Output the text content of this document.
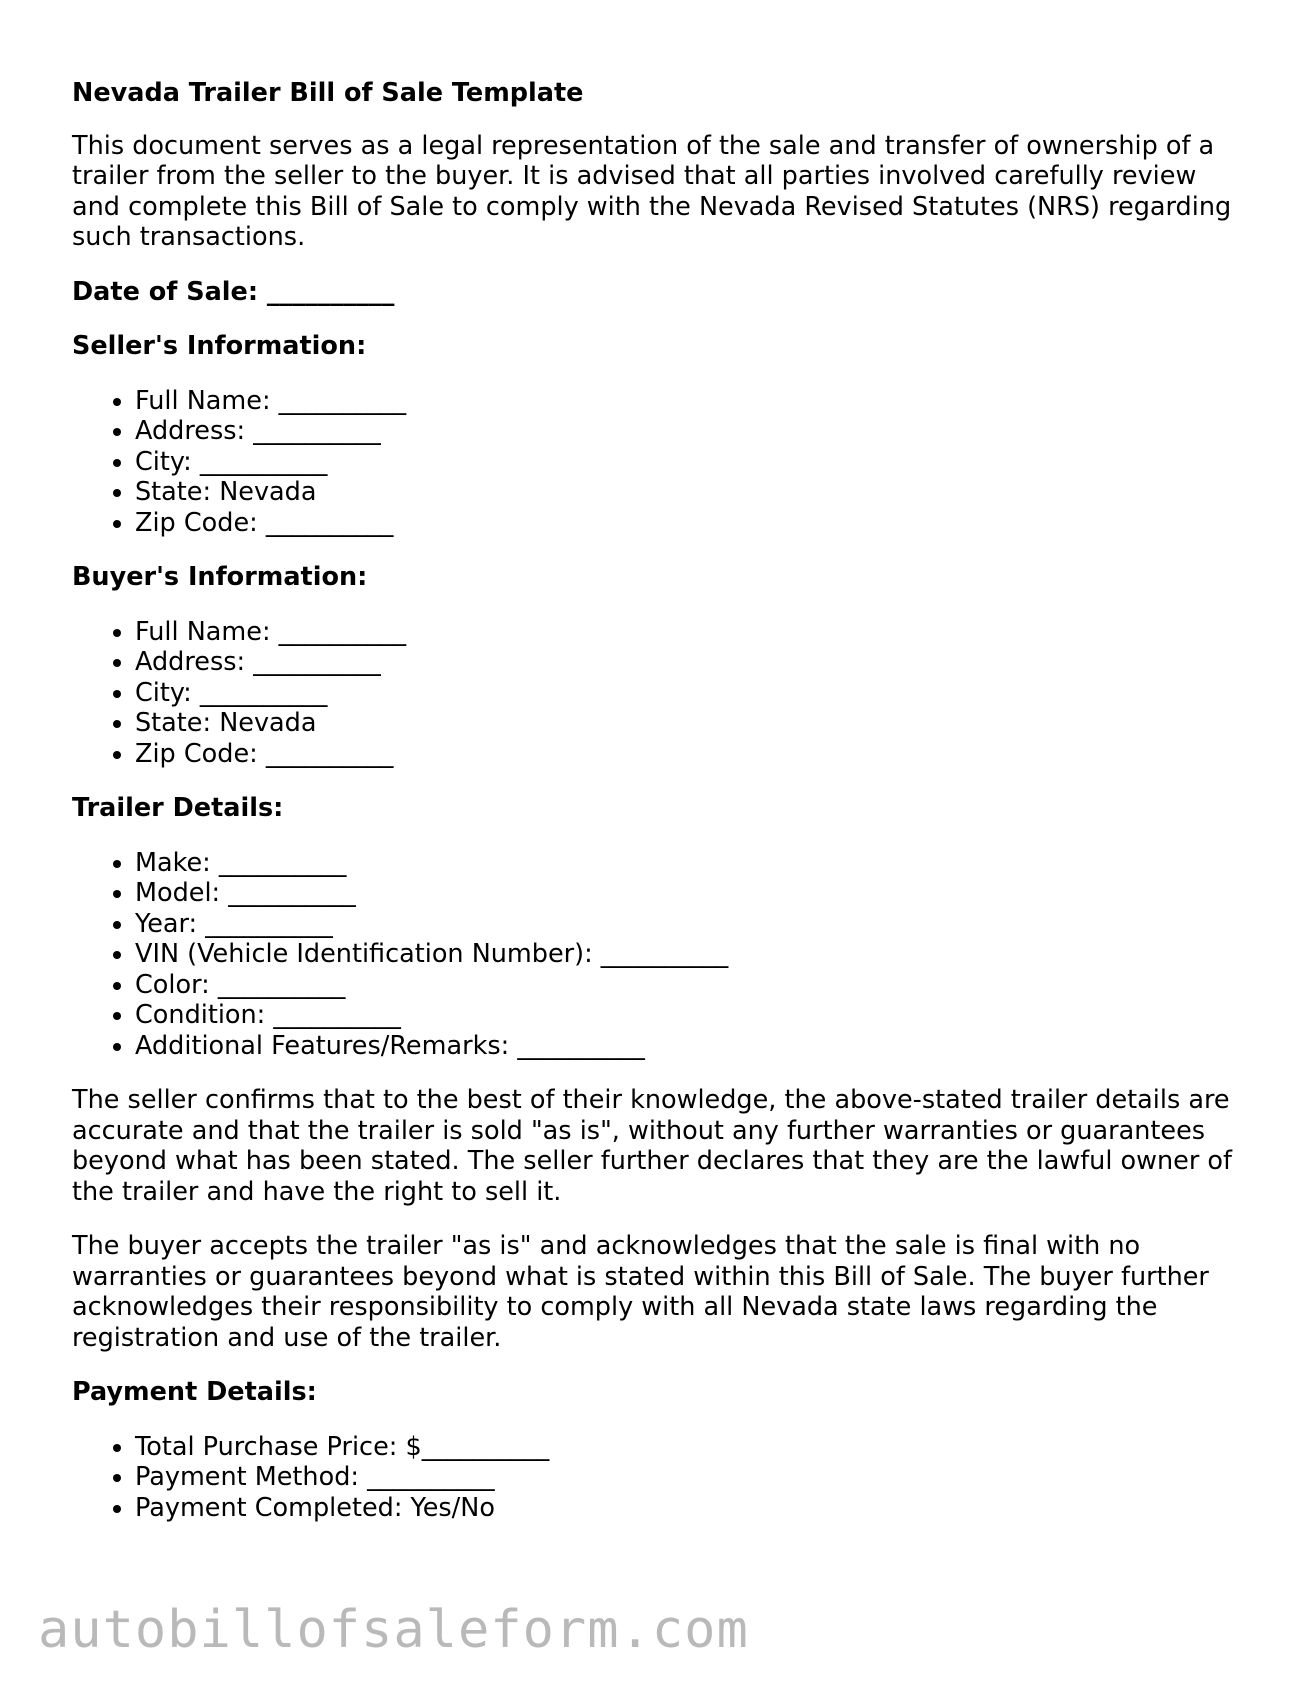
Nevada Trailer Bill of Sale Template

This document serves as a legal representation of the sale and transfer of ownership of a trailer from the seller to the buyer. It is advised that all parties involved carefully review and complete this Bill of Sale to comply with the Nevada Revised Statutes (NRS) regarding such transactions.

Date of Sale: __________
Seller's Information:
• Full Name: __________
• Address: __________
• City: __________
• State: Nevada
• Zip Code: __________
Buyer's Information:
• Full Name: __________
• Address: __________
• City: __________
• State: Nevada
• Zip Code: __________
Trailer Details:
• Make: __________
• Model: __________
• Year: __________
• VIN (Vehicle Identification Number): __________
• Color: __________
• Condition: __________
• Additional Features/Remarks: __________

The seller confirms that to the best of their knowledge, the above-stated trailer details are accurate and that the trailer is sold "as is", without any further warranties or guarantees beyond what has been stated. The seller further declares that they are the lawful owner of the trailer and have the right to sell it.

The buyer accepts the trailer "as is" and acknowledges that the sale is final with no warranties or guarantees beyond what is stated within this Bill of Sale. The buyer further acknowledges their responsibility to comply with all Nevada state laws regarding the registration and use of the trailer.

Payment Details:
• Total Purchase Price: $__________
• Payment Method: __________
• Payment Completed: Yes/No
autobillofsaleform.com
